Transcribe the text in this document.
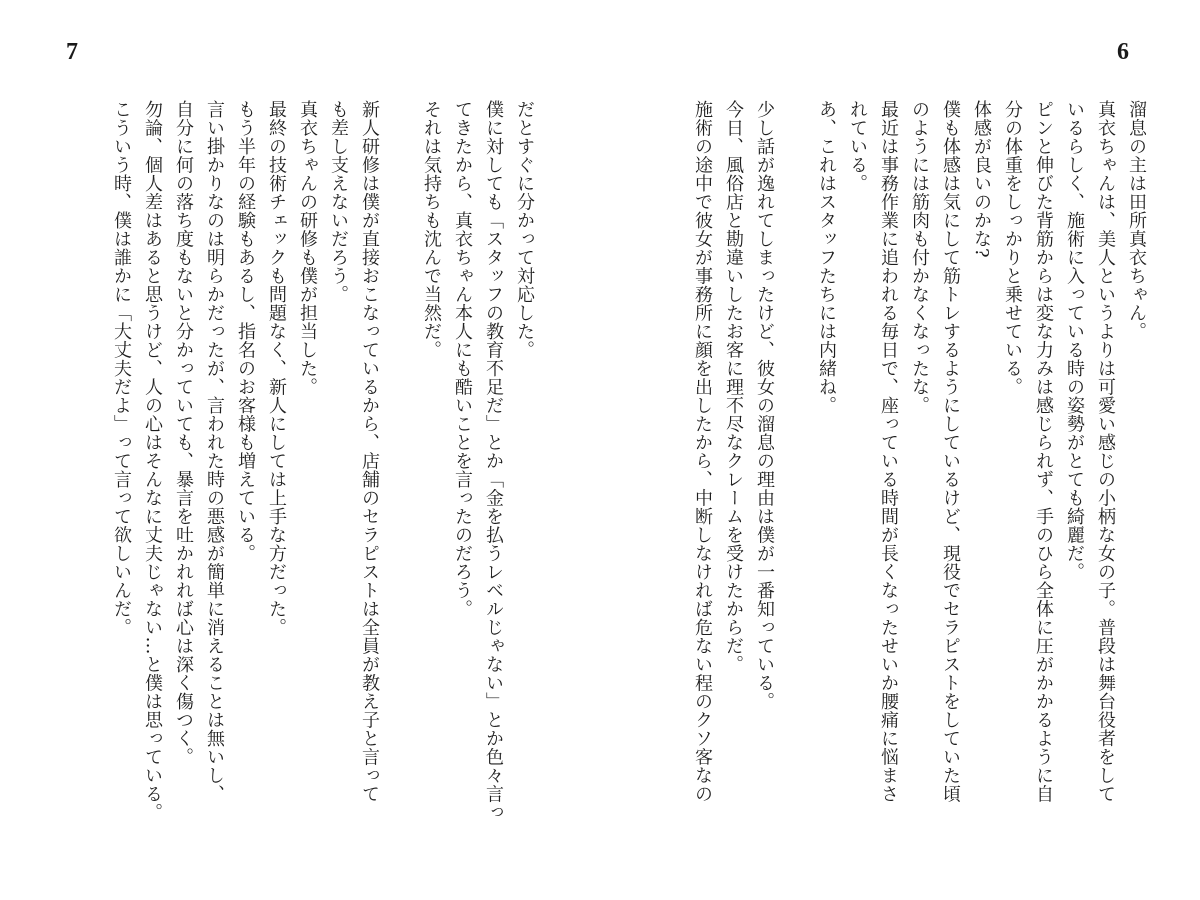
7	6
溜息の主は田所真衣ちゃん。
真衣ちゃんは、美人というよりは可愛い感じの小柄な女の子。普段は舞台役者をして
いるらしく、施術に入っている時の姿勢がとても綺麗だ。
ピンと伸びた背筋からは変な力みは感じられず、手のひら全体に圧がかかるように自
分の体重をしっかりと乗せている。
体感が良いのかな?
僕も体感は気にして筋トレするようにしているけど、現役でセラピストをしていた頃
のようには筋肉も付かなくなったな。
最近は事務作業に追われる毎日で、座っている時間が長くなったせいか腰痛に悩まさ
れている。
あ、これはスタッフたちには内緒ね。
少し話が逸れてしまったけど、彼女の溜息の理由は僕が一番知っている。
今日、風俗店と勘違いしたお客に理不尽なクレームを受けたからだ。
施術の途中で彼女が事務所に顔を出したから、中断しなければ危ない程のクソ客なの
だとすぐに分かって対応した。
僕に対しても「スタッフの教育不足だ」とか「金を払うレベルじゃない」とか色々言っ
てきたから、真衣ちゃん本人にも酷いことを言ったのだろう。
それは気持ちも沈んで当然だ。
新人研修は僕が直接おこなっているから、店舗のセラピストは全員が教え子と言って
も差し支えないだろう。
真衣ちゃんの研修も僕が担当した。
最終の技術チェックも問題なく、新人にしては上手な方だった。
もう半年の経験もあるし、指名のお客様も増えている。
言い掛かりなのは明らかだったが、言われた時の悪感が簡単に消えることは無いし、
自分に何の落ち度もないと分かっていても、暴言を吐かれれば心は深く傷つく。
勿論、個人差はあると思うけど、人の心はそんなに丈夫じゃない…と僕は思っている。
こういう時、僕は誰かに「大丈夫だよ」って言って欲しいんだ。
